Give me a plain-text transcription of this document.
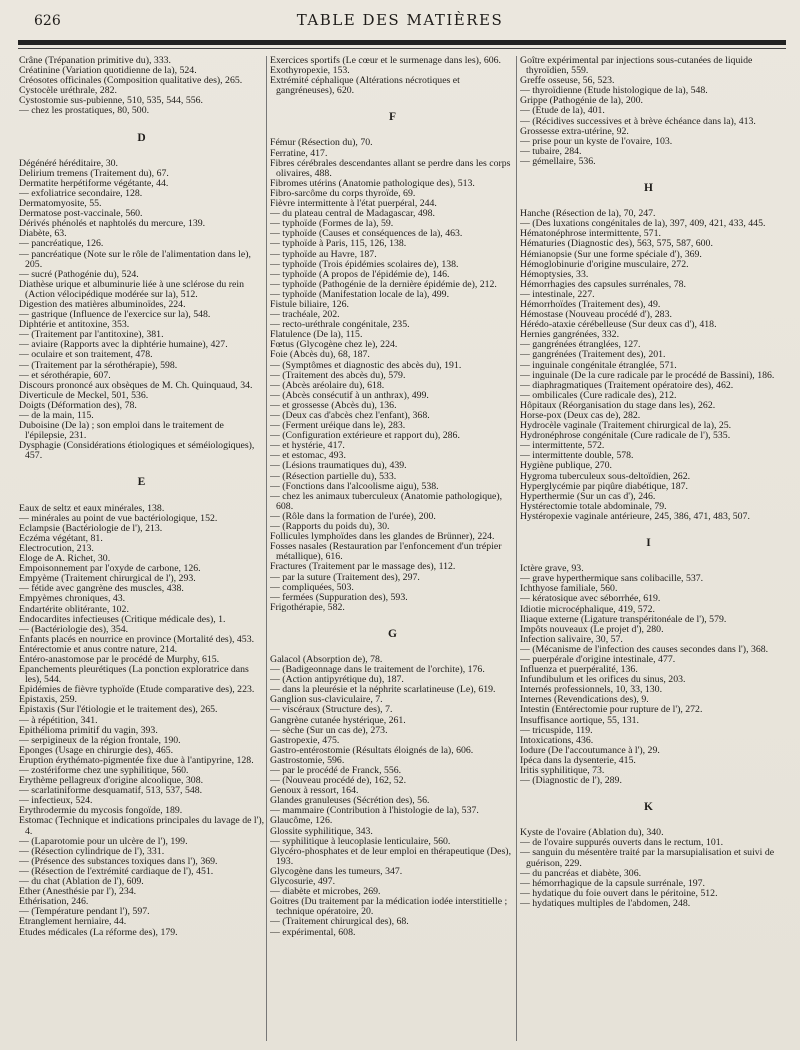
626	TABLE DES MATIÈRES

Crâne (Trépanation primitive du), 333.

Créatinine (Variation quotidienne de la), 524.

Créosotes officinales (Composition qualitative des), 265.

Cystocèle uréthrale, 282.

Cystostomie sus-pubienne, 510, 535, 544, 556.

— chez les prostatiques, 80, 500.

D

Dégénéré héréditaire, 30.

Delirium tremens (Traitement du), 67.

Dermatite herpétiforme végétante, 44.

— exfoliatrice secondaire, 128.

Dermatomyosite, 55.

Dermatose post-vaccinale, 560.

Dérivés phénolés et naphtolés du mercure, 139.

Diabète, 63.

— pancréatique, 126.

— pancréatique (Note sur le rôle de l'alimentation dans le), 205.

— sucré (Pathogénie du), 524.

Diathèse urique et albuminurie liée à une sclérose du rein (Action vélocipédique modérée sur la), 512.

Digestion des matières albuminoïdes, 224.

— gastrique (Influence de l'exercice sur la), 548.

Diphtérie et antitoxine, 353.

— (Traitement par l'antitoxine), 381.

— aviaire (Rapports avec la diphtérie humaine), 427.

— oculaire et son traitement, 478.

— (Traitement par la sérothérapie), 598.

— et sérothérapie, 607.

Discours prononcé aux obsèques de M. Ch. Quinquaud, 34.

Diverticule de Meckel, 501, 536.

Doigts (Déformation des), 78.

— de la main, 115.

Duboisine (De la) ; son emploi dans le traitement de l'épilepsie, 231.

Dysphagie (Considérations étiologiques et séméiologiques), 457.

E

Eaux de seltz et eaux minérales, 138.

— minérales au point de vue bactériologique, 152.

Eclampsie (Bactériologie de l'), 213.

Eczéma végétant, 81.

Electrocution, 213.

Eloge de A. Richet, 30.

Empoisonnement par l'oxyde de carbone, 126.

Empyème (Traitement chirurgical de l'), 293.

— fétide avec gangrène des muscles, 438.

Empyèmes chroniques, 43.

Endartérite oblitérante, 102.

Endocardites infectieuses (Critique médicale des), 1.

— (Bactériologie des), 354.

Enfants placés en nourrice en province (Mortalité des), 453.

Entérectomie et anus contre nature, 214.

Entéro-anastomose par le procédé de Murphy, 615.

Epanchements pleurétiques (La ponction exploratrice dans les), 544.

Epidémies de fièvre typhoïde (Etude comparative des), 223.

Epistaxis, 259.

Epistaxis (Sur l'étiologie et le traitement des), 265.

— à répétition, 341.

Epithélioma primitif du vagin, 393.

— serpigineux de la région frontale, 190.

Eponges (Usage en chirurgie des), 465.

Eruption érythémato-pigmentée fixe due à l'antipyrine, 128.

— zostériforme chez une syphilitique, 560.

Erythème pellagreux d'origine alcoolique, 308.

— scarlatiniforme desquamatif, 513, 537, 548.

— infectieux, 524.

Erythrodermie du mycosis fongoïde, 189.

Estomac (Technique et indications principales du lavage de l'), 4.

— (Laparotomie pour un ulcère de l'), 199.

— (Résection cylindrique de l'), 331.

— (Présence des substances toxiques dans l'), 369.

— (Résection de l'extrémité cardiaque de l'), 451.

— du chat (Ablation de l'), 609.

Ether (Anesthésie par l'), 234.

Ethérisation, 246.

— (Température pendant l'), 597.

Etranglement herniaire, 44.

Etudes médicales (La réforme des), 179.

Exercices sportifs (Le cœur et le surmenage dans les), 606.

Exothyropexie, 153.

Extrémité céphalique (Altérations nécrotiques et gangréneuses), 620.

F

Fémur (Résection du), 70.

Ferratine, 417.

Fibres cérébrales descendantes allant se perdre dans les corps olivaires, 488.

Fibromes utérins (Anatomie pathologique des), 513.

Fibro-sarcôme du corps thyroïde, 69.

Fièvre intermittente à l'état puerpéral, 244.

— du plateau central de Madagascar, 498.

— typhoïde (Formes de la), 59.

— typhoïde (Causes et conséquences de la), 463.

— typhoïde à Paris, 115, 126, 138.

— typhoïde au Havre, 187.

— typhoïde (Trois épidémies scolaires de), 138.

— typhoïde (A propos de l'épidémie de), 146.

— typhoïde (Pathogénie de la dernière épidémie de), 212.

— typhoïde (Manifestation locale de la), 499.

Fistule biliaire, 126.

— trachéale, 202.

— recto-uréthrale congénitale, 235.

Flatulence (De la), 115.

Fœtus (Glycogène chez le), 224.

Foie (Abcès du), 68, 187.

— (Symptômes et diagnostic des abcès du), 191.

— (Traitement des abcès du), 579.

— (Abcès aréolaire du), 618.

— (Abcès consécutif à un anthrax), 499.

— et grossesse (Abcès du), 136.

— (Deux cas d'abcès chez l'enfant), 368.

— (Ferment uréique dans le), 283.

— (Configuration extérieure et rapport du), 286.

— et hystérie, 417.

— et estomac, 493.

— (Lésions traumatiques du), 439.

— (Résection partielle du), 533.

— (Fonctions dans l'alcoolisme aigu), 538.

— chez les animaux tuberculeux (Anatomie pathologique), 608.

— (Rôle dans la formation de l'urée), 200.

— (Rapports du poids du), 30.

Follicules lymphoïdes dans les glandes de Brünner), 224.

Fosses nasales (Restauration par l'enfoncement d'un trépier métallique), 616.

Fractures (Traitement par le massage des), 112.

— par la suture (Traitement des), 297.

— compliquées, 503.

— fermées (Suppuration des), 593.

Frigothérapie, 582.

G

Galacol (Absorption de), 78.

— (Badigeonnage dans le traitement de l'orchite), 176.

— (Action antipyrétique du), 187.

— dans la pleurésie et la néphrite scarlatineuse (Le), 619.

Ganglion sus-claviculaire, 7.

— viscéraux (Structure des), 7.

Gangrène cutanée hystérique, 261.

— sèche (Sur un cas de), 273.

Gastropexie, 475.

Gastro-entérostomie (Résultats éloignés de la), 606.

Gastrostomie, 596.

— par le procédé de Franck, 556.

— (Nouveau procédé de), 162, 52.

Genoux à ressort, 164.

Glandes granuleuses (Sécrétion des), 56.

— mammaire (Contribution à l'histologie de la), 537.

Glaucôme, 126.

Glossite syphilitique, 343.

— syphilitique à leucoplasie lenticulaire, 560.

Glycéro-phosphates et de leur emploi en thérapeutique (Des), 193.

Glycogène dans les tumeurs, 347.

Glycosurie, 497.

— diabète et microbes, 269.

Goitres (Du traitement par la médication iodée interstitielle ; technique opératoire, 20.

— (Traitement chirurgical des), 68.

— expérimental, 608.

Goître expérimental par injections sous-cutanées de liquide thyroïdien, 559.

Greffe osseuse, 56, 523.

— thyroïdienne (Etude histologique de la), 548.

Grippe (Pathogénie de la), 200.

— (Etude de la), 401.

— (Récidives successives et à brève échéance dans la), 413.

Grossesse extra-utérine, 92.

— prise pour un kyste de l'ovaire, 103.

— tubaire, 284.

— gémellaire, 536.

H

Hanche (Résection de la), 70, 247.

— (Des luxations congénitales de la), 397, 409, 421, 433, 445.

Hématonéphrose intermittente, 571.

Hématuries (Diagnostic des), 563, 575, 587, 600.

Hémianopsie (Sur une forme spéciale d'), 369.

Hémoglobinurie d'origine musculaire, 272.

Hémoptysies, 33.

Hémorrhagies des capsules surrénales, 78.

— intestinale, 227.

Hémorrhoïdes (Traitement des), 49.

Hémostase (Nouveau procédé d'), 283.

Hérédo-ataxie cérébelleuse (Sur deux cas d'), 418.

Hernies gangrénées, 332.

— gangrénées étranglées, 127.

— gangrénées (Traitement des), 201.

— inguinale congénitale étranglée, 571.

— inguinale (De la cure radicale par le procédé de Bassini), 186.

— diaphragmatiques (Traitement opératoire des), 462.

— ombilicales (Cure radicale des), 212.

Hôpitaux (Réorganisation du stage dans les), 262.

Horse-pox (Deux cas de), 282.

Hydrocèle vaginale (Traitement chirurgical de la), 25.

Hydronéphrose congénitale (Cure radicale de l'), 535.

— intermittente, 572.

— intermittente double, 578.

Hygiène publique, 270.

Hygroma tuberculeux sous-deltoïdien, 262.

Hyperglycémie par piqûre diabétique, 187.

Hyperthermie (Sur un cas d'), 246.

Hystérectomie totale abdominale, 79.

Hystéropexie vaginale antérieure, 245, 386, 471, 483, 507.

I

Ictère grave, 93.

— grave hyperthermique sans colibacille, 537.

Ichthyose familiale, 560.

— kératosique avec séborrhée, 619.

Idiotie microcéphalique, 419, 572.

Iliaque externe (Ligature transpéritonéale de l'), 579.

Impôts nouveaux (Le projet d'), 280.

Infection salivaire, 30, 57.

— (Mécanisme de l'infection des causes secondes dans l'), 368.

— puerpérale d'origine intestinale, 477.

Influenza et puerpéralité, 136.

Infundibulum et les orifices du sinus, 203.

Internés professionnels, 10, 33, 130.

Internes (Revendications des), 9.

Intestin (Entérectomie pour rupture de l'), 272.

Insuffisance aortique, 55, 131.

— tricuspide, 119.

Intoxications, 436.

Iodure (De l'accoutumance à l'), 29.

Ipéca dans la dysenterie, 415.

Iritis syphilitique, 73.

— (Diagnostic de l'), 289.

K

Kyste de l'ovaire (Ablation du), 340.

— de l'ovaire suppurés ouverts dans le rectum, 101.

— sanguin du mésentère traité par la marsupialisation et suivi de guérison, 229.

— du pancréas et diabète, 306.

— hémorrhagique de la capsule surrénale, 197.

— hydatique du foie ouvert dans le péritoine, 512.

— hydatiques multiples de l'abdomen, 248.
